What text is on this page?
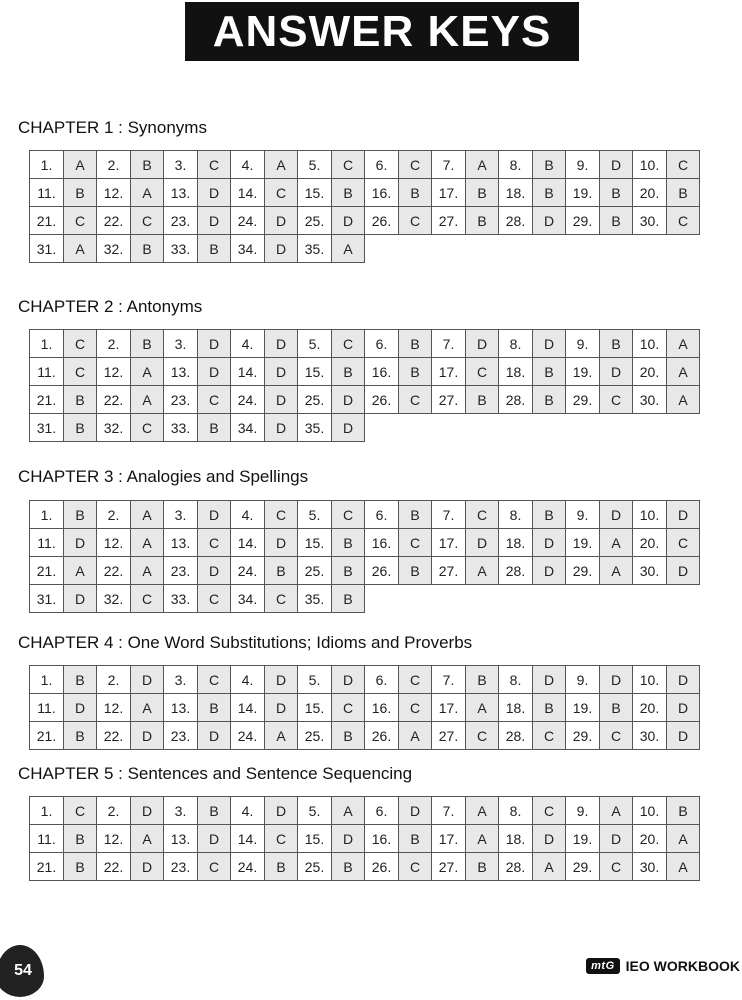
ANSWER KEYS
CHAPTER 1 : Synonyms
1.	A	2.	B	3.	C	4.	A	5.	C	6.	C	7.	A	8.	B	9.	D	10.	C
11.	B	12.	A	13.	D	14.	C	15.	B	16.	B	17.	B	18.	B	19.	B	20.	B
21.	C	22.	C	23.	D	24.	D	25.	D	26.	C	27.	B	28.	D	29.	B	30.	C
31.	A	32.	B	33.	B	34.	D	35.	A										
CHAPTER 2 : Antonyms
1.	C	2.	B	3.	D	4.	D	5.	C	6.	B	7.	D	8.	D	9.	B	10.	A
11.	C	12.	A	13.	D	14.	D	15.	B	16.	B	17.	C	18.	B	19.	D	20.	A
21.	B	22.	A	23.	C	24.	D	25.	D	26.	C	27.	B	28.	B	29.	C	30.	A
31.	B	32.	C	33.	B	34.	D	35.	D										
CHAPTER 3 : Analogies and Spellings
1.	B	2.	A	3.	D	4.	C	5.	C	6.	B	7.	C	8.	B	9.	D	10.	D
11.	D	12.	A	13.	C	14.	D	15.	B	16.	C	17.	D	18.	D	19.	A	20.	C
21.	A	22.	A	23.	D	24.	B	25.	B	26.	B	27.	A	28.	D	29.	A	30.	D
31.	D	32.	C	33.	C	34.	C	35.	B										
CHAPTER 4 : One Word Substitutions; Idioms and Proverbs
1.	B	2.	D	3.	C	4.	D	5.	D	6.	C	7.	B	8.	D	9.	D	10.	D
11.	D	12.	A	13.	B	14.	D	15.	C	16.	C	17.	A	18.	B	19.	B	20.	D
21.	B	22.	D	23.	D	24.	A	25.	B	26.	A	27.	C	28.	C	29.	C	30.	D
CHAPTER 5 : Sentences and Sentence Sequencing
1.	C	2.	D	3.	B	4.	D	5.	A	6.	D	7.	A	8.	C	9.	A	10.	B
11.	B	12.	A	13.	D	14.	C	15.	D	16.	B	17.	A	18.	D	19.	D	20.	A
21.	B	22.	D	23.	C	24.	B	25.	B	26.	C	27.	B	28.	A	29.	C	30.	A
54	mtG IEO WORKBOOK
